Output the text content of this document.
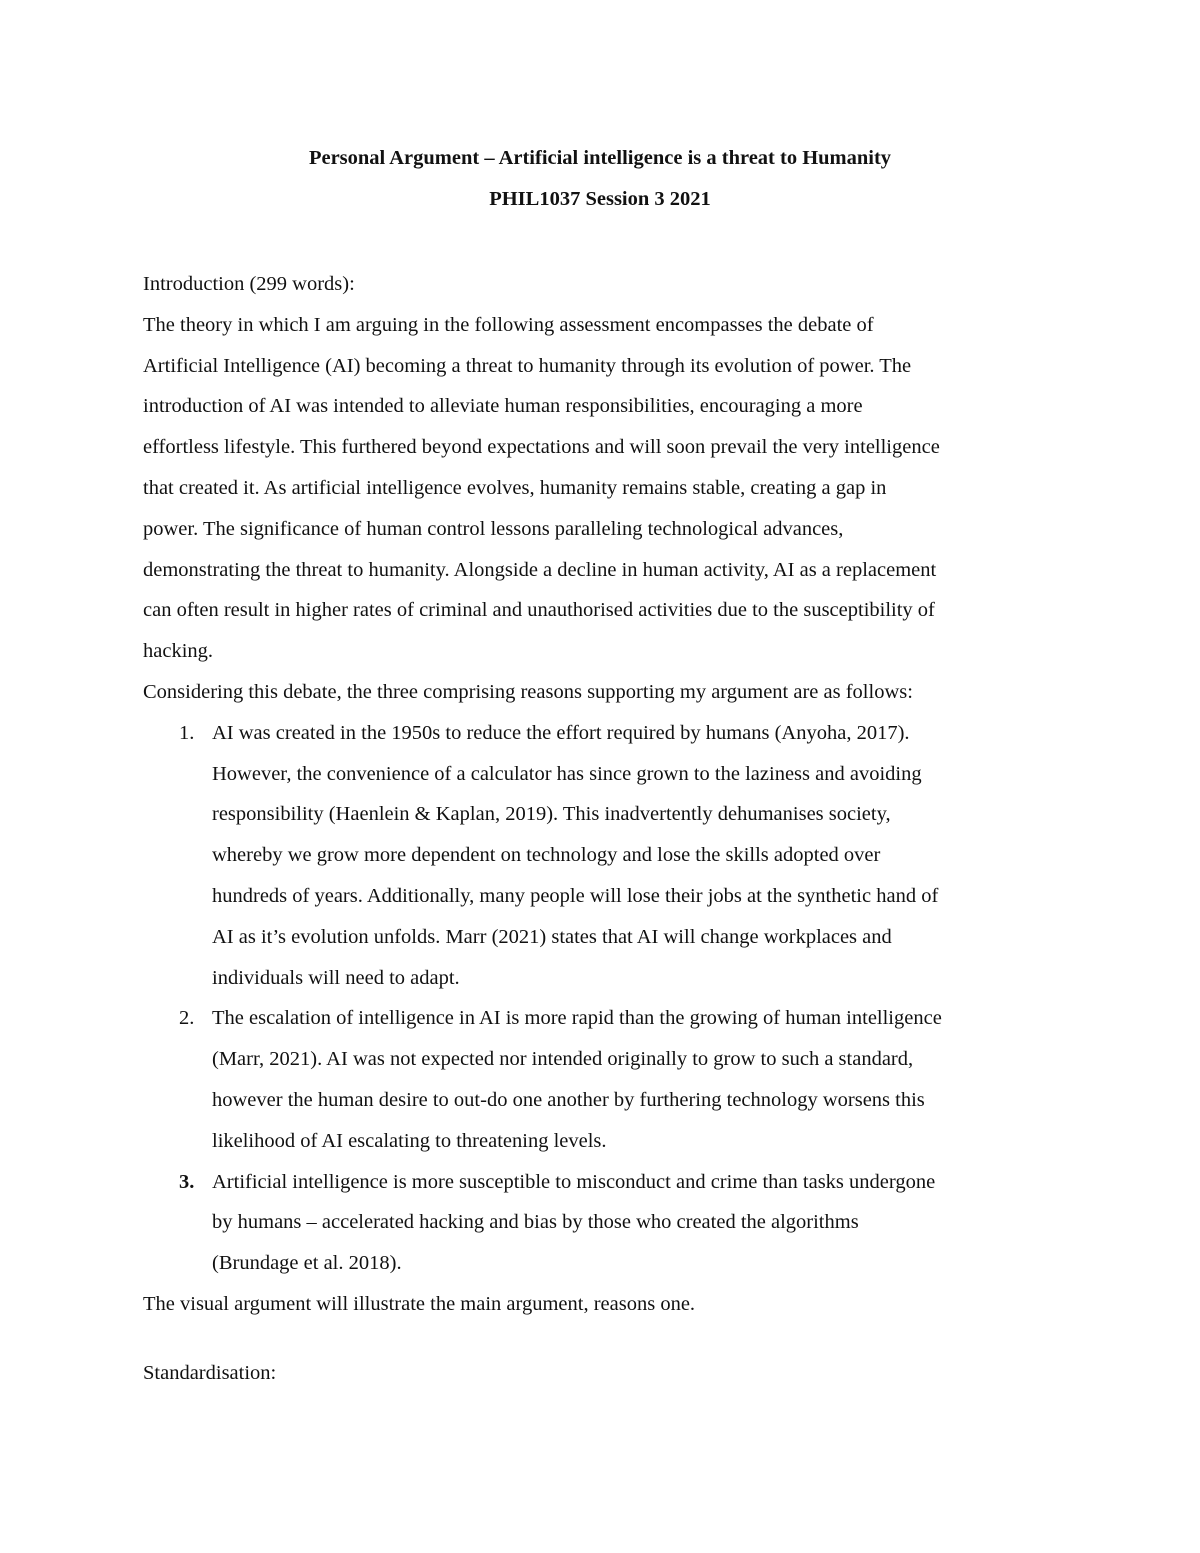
Personal Argument – Artificial intelligence is a threat to Humanity

PHIL1037 Session 3 2021

Introduction (299 words):
The theory in which I am arguing in the following assessment encompasses the debate of
Artificial Intelligence (AI) becoming a threat to humanity through its evolution of power. The
introduction of AI was intended to alleviate human responsibilities, encouraging a more
effortless lifestyle. This furthered beyond expectations and will soon prevail the very intelligence
that created it. As artificial intelligence evolves, humanity remains stable, creating a gap in
power. The significance of human control lessons paralleling technological advances,
demonstrating the threat to humanity. Alongside a decline in human activity, AI as a replacement
can often result in higher rates of criminal and unauthorised activities due to the susceptibility of
hacking.
Considering this debate, the three comprising reasons supporting my argument are as follows:
1. AI was created in the 1950s to reduce the effort required by humans (Anyoha, 2017).
However, the convenience of a calculator has since grown to the laziness and avoiding
responsibility (Haenlein & Kaplan, 2019). This inadvertently dehumanises society,
whereby we grow more dependent on technology and lose the skills adopted over
hundreds of years. Additionally, many people will lose their jobs at the synthetic hand of
AI as it’s evolution unfolds. Marr (2021) states that AI will change workplaces and
individuals will need to adapt.
2. The escalation of intelligence in AI is more rapid than the growing of human intelligence
(Marr, 2021). AI was not expected nor intended originally to grow to such a standard,
however the human desire to out-do one another by furthering technology worsens this
likelihood of AI escalating to threatening levels.
3. Artificial intelligence is more susceptible to misconduct and crime than tasks undergone
by humans – accelerated hacking and bias by those who created the algorithms
(Brundage et al. 2018).
The visual argument will illustrate the main argument, reasons one.
Standardisation:
